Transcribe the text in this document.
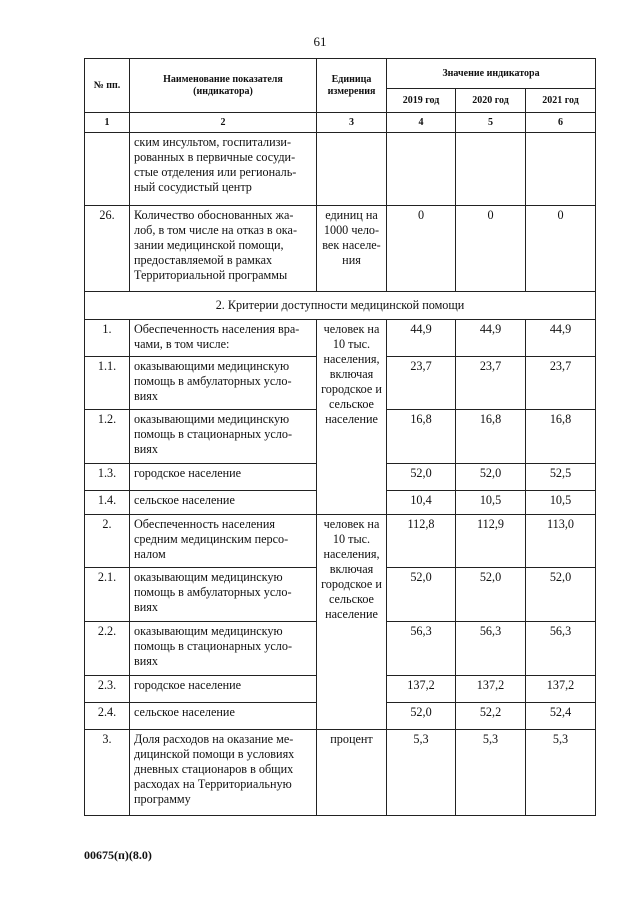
61
№ пп.	Наименование показателя (индикатора)	Единица измерения	Значение индикатора		
			2019 год	2020 год	2021 год
1	2	3	4	5	6
	ским инсультом, госпитализи-рованных в первичные сосуди-стые отделения или региональ-ный сосудистый центр				
26.	Количество обоснованных жа-лоб, в том числе на отказ в ока-зании медицинской помощи, предоставляемой в рамках Территориальной программы	единиц на 1000 чело-век населе-ния	0	0	0
2. Критерии доступности медицинской помощи					
1.	Обеспеченность населения вра-чами, в том числе:	человек на 10 тыс. населения, включая городское и сельское население	44,9	44,9	44,9
1.1.	оказывающими медицинскую помощь в амбулаторных усло-виях		23,7	23,7	23,7
1.2.	оказывающими медицинскую помощь в стационарных усло-виях		16,8	16,8	16,8
1.3.	городское население		52,0	52,0	52,5
1.4.	сельское население		10,4	10,5	10,5
2.	Обеспеченность населения средним медицинским персо-налом	человек на 10 тыс. населения, включая городское и сельское население	112,8	112,9	113,0
2.1.	оказывающим медицинскую помощь в амбулаторных усло-виях		52,0	52,0	52,0
2.2.	оказывающим медицинскую помощь в стационарных усло-виях		56,3	56,3	56,3
2.3.	городское население		137,2	137,2	137,2
2.4.	сельское население		52,0	52,2	52,4
3.	Доля расходов на оказание ме-дицинской помощи в условиях дневных стационаров в общих расходах на Территориальную программу	процент	5,3	5,3	5,3
00675(п)(8.0)
